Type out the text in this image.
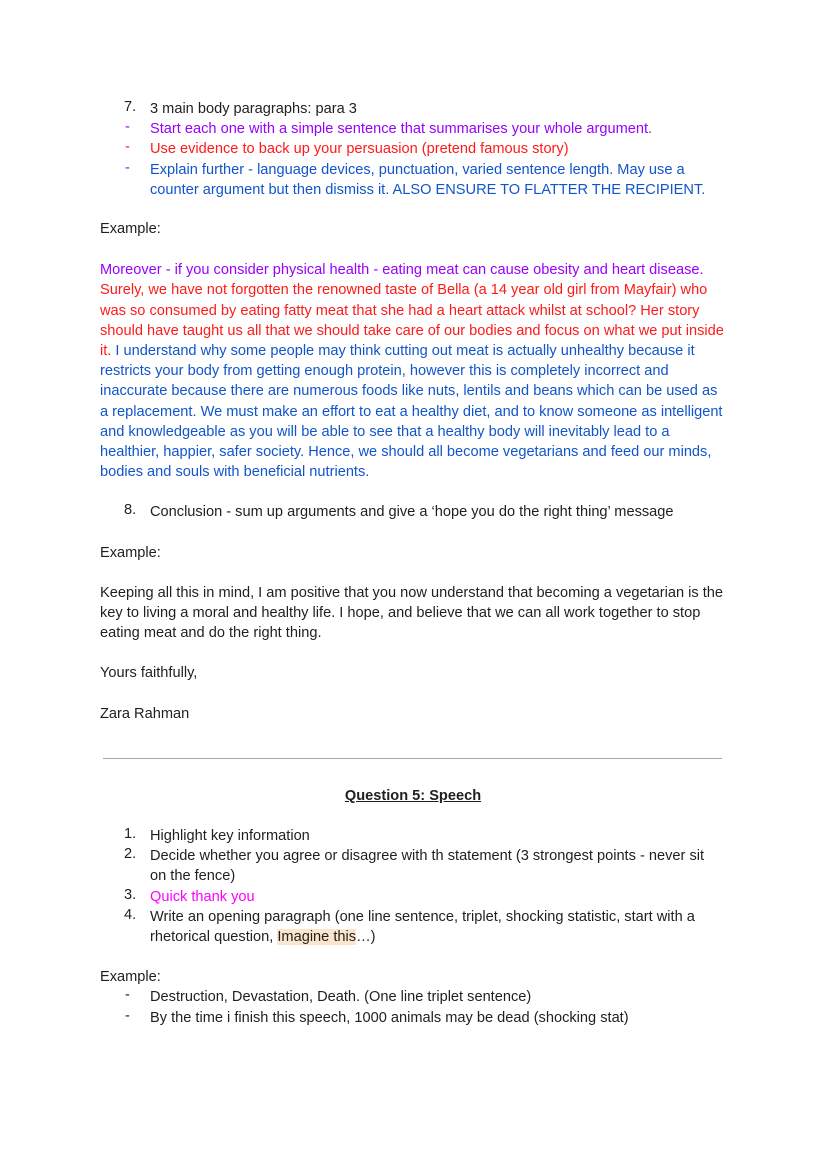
7. 3 main body paragraphs: para 3
-	Start each one with a simple sentence that summarises your whole argument.
-	Use evidence to back up your persuasion (pretend famous story)
-	Explain further - language devices, punctuation, varied sentence length. May use a counter argument but then dismiss it. ALSO ENSURE TO FLATTER THE RECIPIENT.
Example:
Moreover - if you consider physical health - eating meat can cause obesity and heart disease. Surely, we have not forgotten the renowned taste of Bella (a 14 year old girl from Mayfair) who was so consumed by eating fatty meat that she had a heart attack whilst at school? Her story should have taught us all that we should take care of our bodies and focus on what we put inside it. I understand why some people may think cutting out meat is actually unhealthy because it restricts your body from getting enough protein, however this is completely incorrect and inaccurate because there are numerous foods like nuts, lentils and beans which can be used as a replacement. We must make an effort to eat a healthy diet, and to know someone as intelligent and knowledgeable as you will be able to see that a healthy body will inevitably lead to a healthier, happier, safer society. Hence, we should all become vegetarians and feed our minds, bodies and souls with beneficial nutrients.
8. Conclusion - sum up arguments and give a ‘hope you do the right thing’ message
Example:
Keeping all this in mind, I am positive that you now understand that becoming a vegetarian is the key to living a moral and healthy life. I hope, and believe that we can all work together to stop eating meat and do the right thing.
Yours faithfully,
Zara Rahman
Question 5: Speech
1. Highlight key information
2. Decide whether you agree or disagree with th statement (3 strongest points - never sit on the fence)
3. Quick thank you
4. Write an opening paragraph (one line sentence, triplet, shocking statistic, start with a rhetorical question, Imagine this…)
Example:
-	Destruction, Devastation, Death. (One line triplet sentence)
-	By the time i finish this speech, 1000 animals may be dead (shocking stat)
